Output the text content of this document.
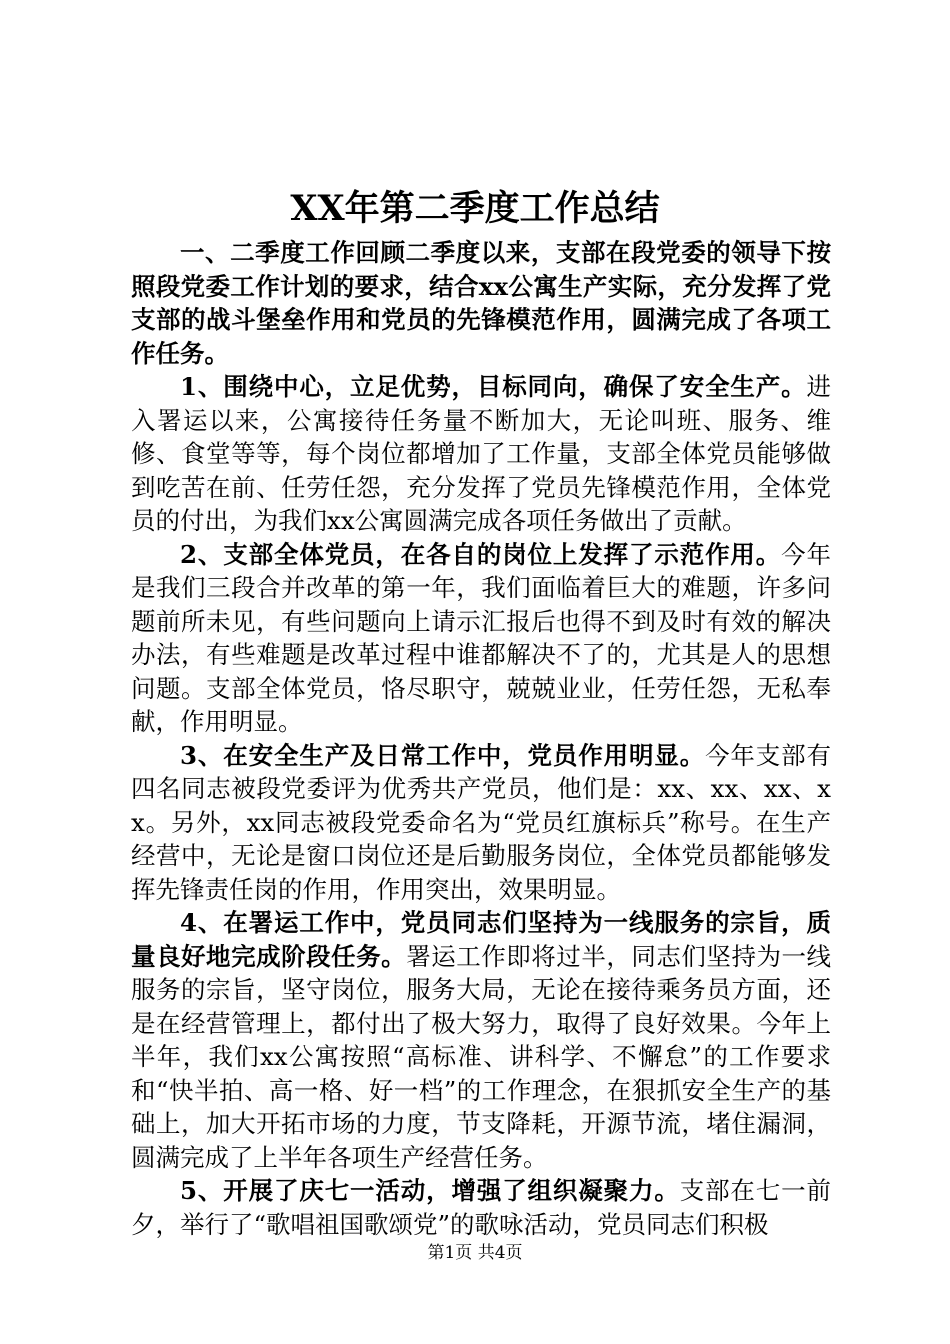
XX年第二季度工作总结

一、二季度工作回顾二季度以来，支部在段党委的领导下按照段党委工作计划的要求，结合xx公寓生产实际，充分发挥了党支部的战斗堡垒作用和党员的先锋模范作用，圆满完成了各项工作任务。

1、围绕中心，立足优势，目标同向，确保了安全生产。进入署运以来，公寓接待任务量不断加大，无论叫班、服务、维修、食堂等等，每个岗位都增加了工作量，支部全体党员能够做到吃苦在前、任劳任怨，充分发挥了党员先锋模范作用，全体党员的付出，为我们xx公寓圆满完成各项任务做出了贡献。

2、支部全体党员，在各自的岗位上发挥了示范作用。今年是我们三段合并改革的第一年，我们面临着巨大的难题，许多问题前所未见，有些问题向上请示汇报后也得不到及时有效的解决办法，有些难题是改革过程中谁都解决不了的，尤其是人的思想问题。支部全体党员，恪尽职守，兢兢业业，任劳任怨，无私奉献，作用明显。

3、在安全生产及日常工作中，党员作用明显。今年支部有四名同志被段党委评为优秀共产党员，他们是：xx、xx、xx、xx。另外，xx同志被段党委命名为“党员红旗标兵”称号。在生产经营中，无论是窗口岗位还是后勤服务岗位，全体党员都能够发挥先锋责任岗的作用，作用突出，效果明显。

4、在署运工作中，党员同志们坚持为一线服务的宗旨，质量良好地完成阶段任务。署运工作即将过半，同志们坚持为一线服务的宗旨，坚守岗位，服务大局，无论在接待乘务员方面，还是在经营管理上，都付出了极大努力，取得了良好效果。今年上半年，我们xx公寓按照“高标准、讲科学、不懈怠”的工作要求和“快半拍、高一格、好一档”的工作理念，在狠抓安全生产的基础上，加大开拓市场的力度，节支降耗，开源节流，堵住漏洞，圆满完成了上半年各项生产经营任务。

5、开展了庆七一活动，增强了组织凝聚力。支部在七一前夕，举行了“歌唱祖国歌颂党”的歌咏活动，党员同志们积极

第1页 共4页
